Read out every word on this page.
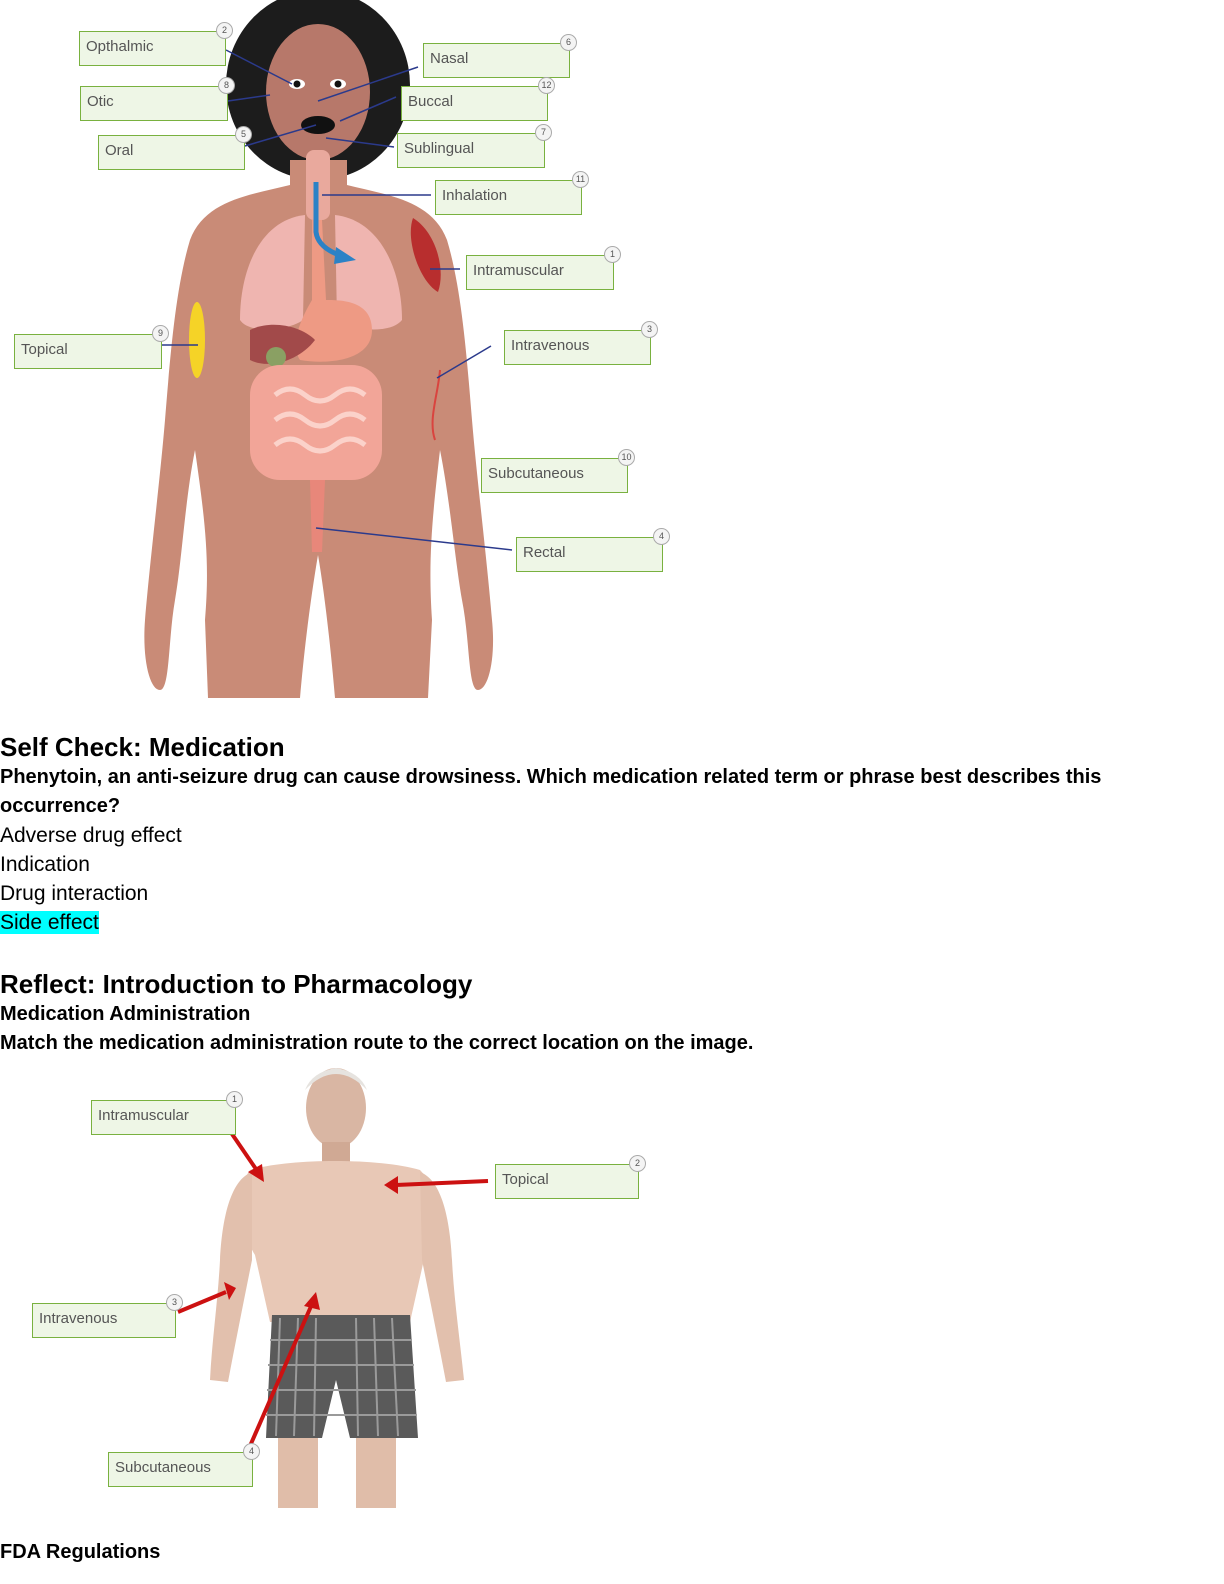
Opthalmic
2
Nasal
6
Otic
8
Buccal
12
Oral
5
Sublingual
7
Inhalation
11
Intramuscular
1
Topical
9
Intravenous
3
Subcutaneous
10
Rectal
4

Self Check: Medication

Phenytoin, an anti-seizure drug can cause drowsiness. Which medication related term or phrase best describes this occurrence?

Adverse drug effect

Indication

Drug interaction

Side effect

Reflect: Introduction to Pharmacology

Medication Administration

Match the medication administration route to the correct location on the image.

Intramuscular
1
Topical
2
Intravenous
3
Subcutaneous
4

FDA Regulations
